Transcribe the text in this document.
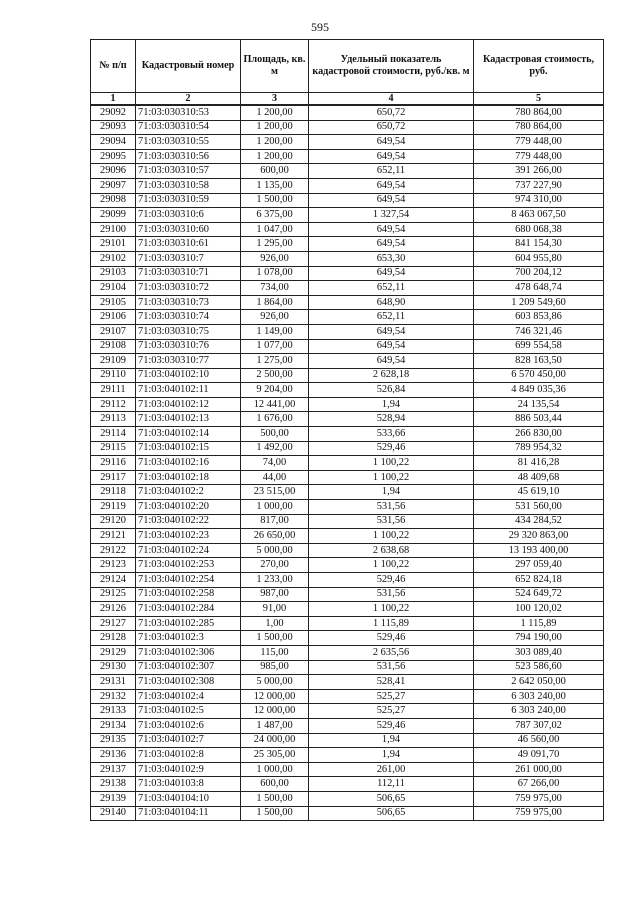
595
№ п/п	Кадастровый номер	Площадь, кв. м	Удельный показатель кадастровой стоимости, руб./кв. м	Кадастровая стоимость, руб.
1	2	3	4	5
29092	71:03:030310:53	1 200,00	650,72	780 864,00
29093	71:03:030310:54	1 200,00	650,72	780 864,00
29094	71:03:030310:55	1 200,00	649,54	779 448,00
29095	71:03:030310:56	1 200,00	649,54	779 448,00
29096	71:03:030310:57	600,00	652,11	391 266,00
29097	71:03:030310:58	1 135,00	649,54	737 227,90
29098	71:03:030310:59	1 500,00	649,54	974 310,00
29099	71:03:030310:6	6 375,00	1 327,54	8 463 067,50
29100	71:03:030310:60	1 047,00	649,54	680 068,38
29101	71:03:030310:61	1 295,00	649,54	841 154,30
29102	71:03:030310:7	926,00	653,30	604 955,80
29103	71:03:030310:71	1 078,00	649,54	700 204,12
29104	71:03:030310:72	734,00	652,11	478 648,74
29105	71:03:030310:73	1 864,00	648,90	1 209 549,60
29106	71:03:030310:74	926,00	652,11	603 853,86
29107	71:03:030310:75	1 149,00	649,54	746 321,46
29108	71:03:030310:76	1 077,00	649,54	699 554,58
29109	71:03:030310:77	1 275,00	649,54	828 163,50
29110	71:03:040102:10	2 500,00	2 628,18	6 570 450,00
29111	71:03:040102:11	9 204,00	526,84	4 849 035,36
29112	71:03:040102:12	12 441,00	1,94	24 135,54
29113	71:03:040102:13	1 676,00	528,94	886 503,44
29114	71:03:040102:14	500,00	533,66	266 830,00
29115	71:03:040102:15	1 492,00	529,46	789 954,32
29116	71:03:040102:16	74,00	1 100,22	81 416,28
29117	71:03:040102:18	44,00	1 100,22	48 409,68
29118	71:03:040102:2	23 515,00	1,94	45 619,10
29119	71:03:040102:20	1 000,00	531,56	531 560,00
29120	71:03:040102:22	817,00	531,56	434 284,52
29121	71:03:040102:23	26 650,00	1 100,22	29 320 863,00
29122	71:03:040102:24	5 000,00	2 638,68	13 193 400,00
29123	71:03:040102:253	270,00	1 100,22	297 059,40
29124	71:03:040102:254	1 233,00	529,46	652 824,18
29125	71:03:040102:258	987,00	531,56	524 649,72
29126	71:03:040102:284	91,00	1 100,22	100 120,02
29127	71:03:040102:285	1,00	1 115,89	1 115,89
29128	71:03:040102:3	1 500,00	529,46	794 190,00
29129	71:03:040102:306	115,00	2 635,56	303 089,40
29130	71:03:040102:307	985,00	531,56	523 586,60
29131	71:03:040102:308	5 000,00	528,41	2 642 050,00
29132	71:03:040102:4	12 000,00	525,27	6 303 240,00
29133	71:03:040102:5	12 000,00	525,27	6 303 240,00
29134	71:03:040102:6	1 487,00	529,46	787 307,02
29135	71:03:040102:7	24 000,00	1,94	46 560,00
29136	71:03:040102:8	25 305,00	1,94	49 091,70
29137	71:03:040102:9	1 000,00	261,00	261 000,00
29138	71:03:040103:8	600,00	112,11	67 266,00
29139	71:03:040104:10	1 500,00	506,65	759 975,00
29140	71:03:040104:11	1 500,00	506,65	759 975,00
